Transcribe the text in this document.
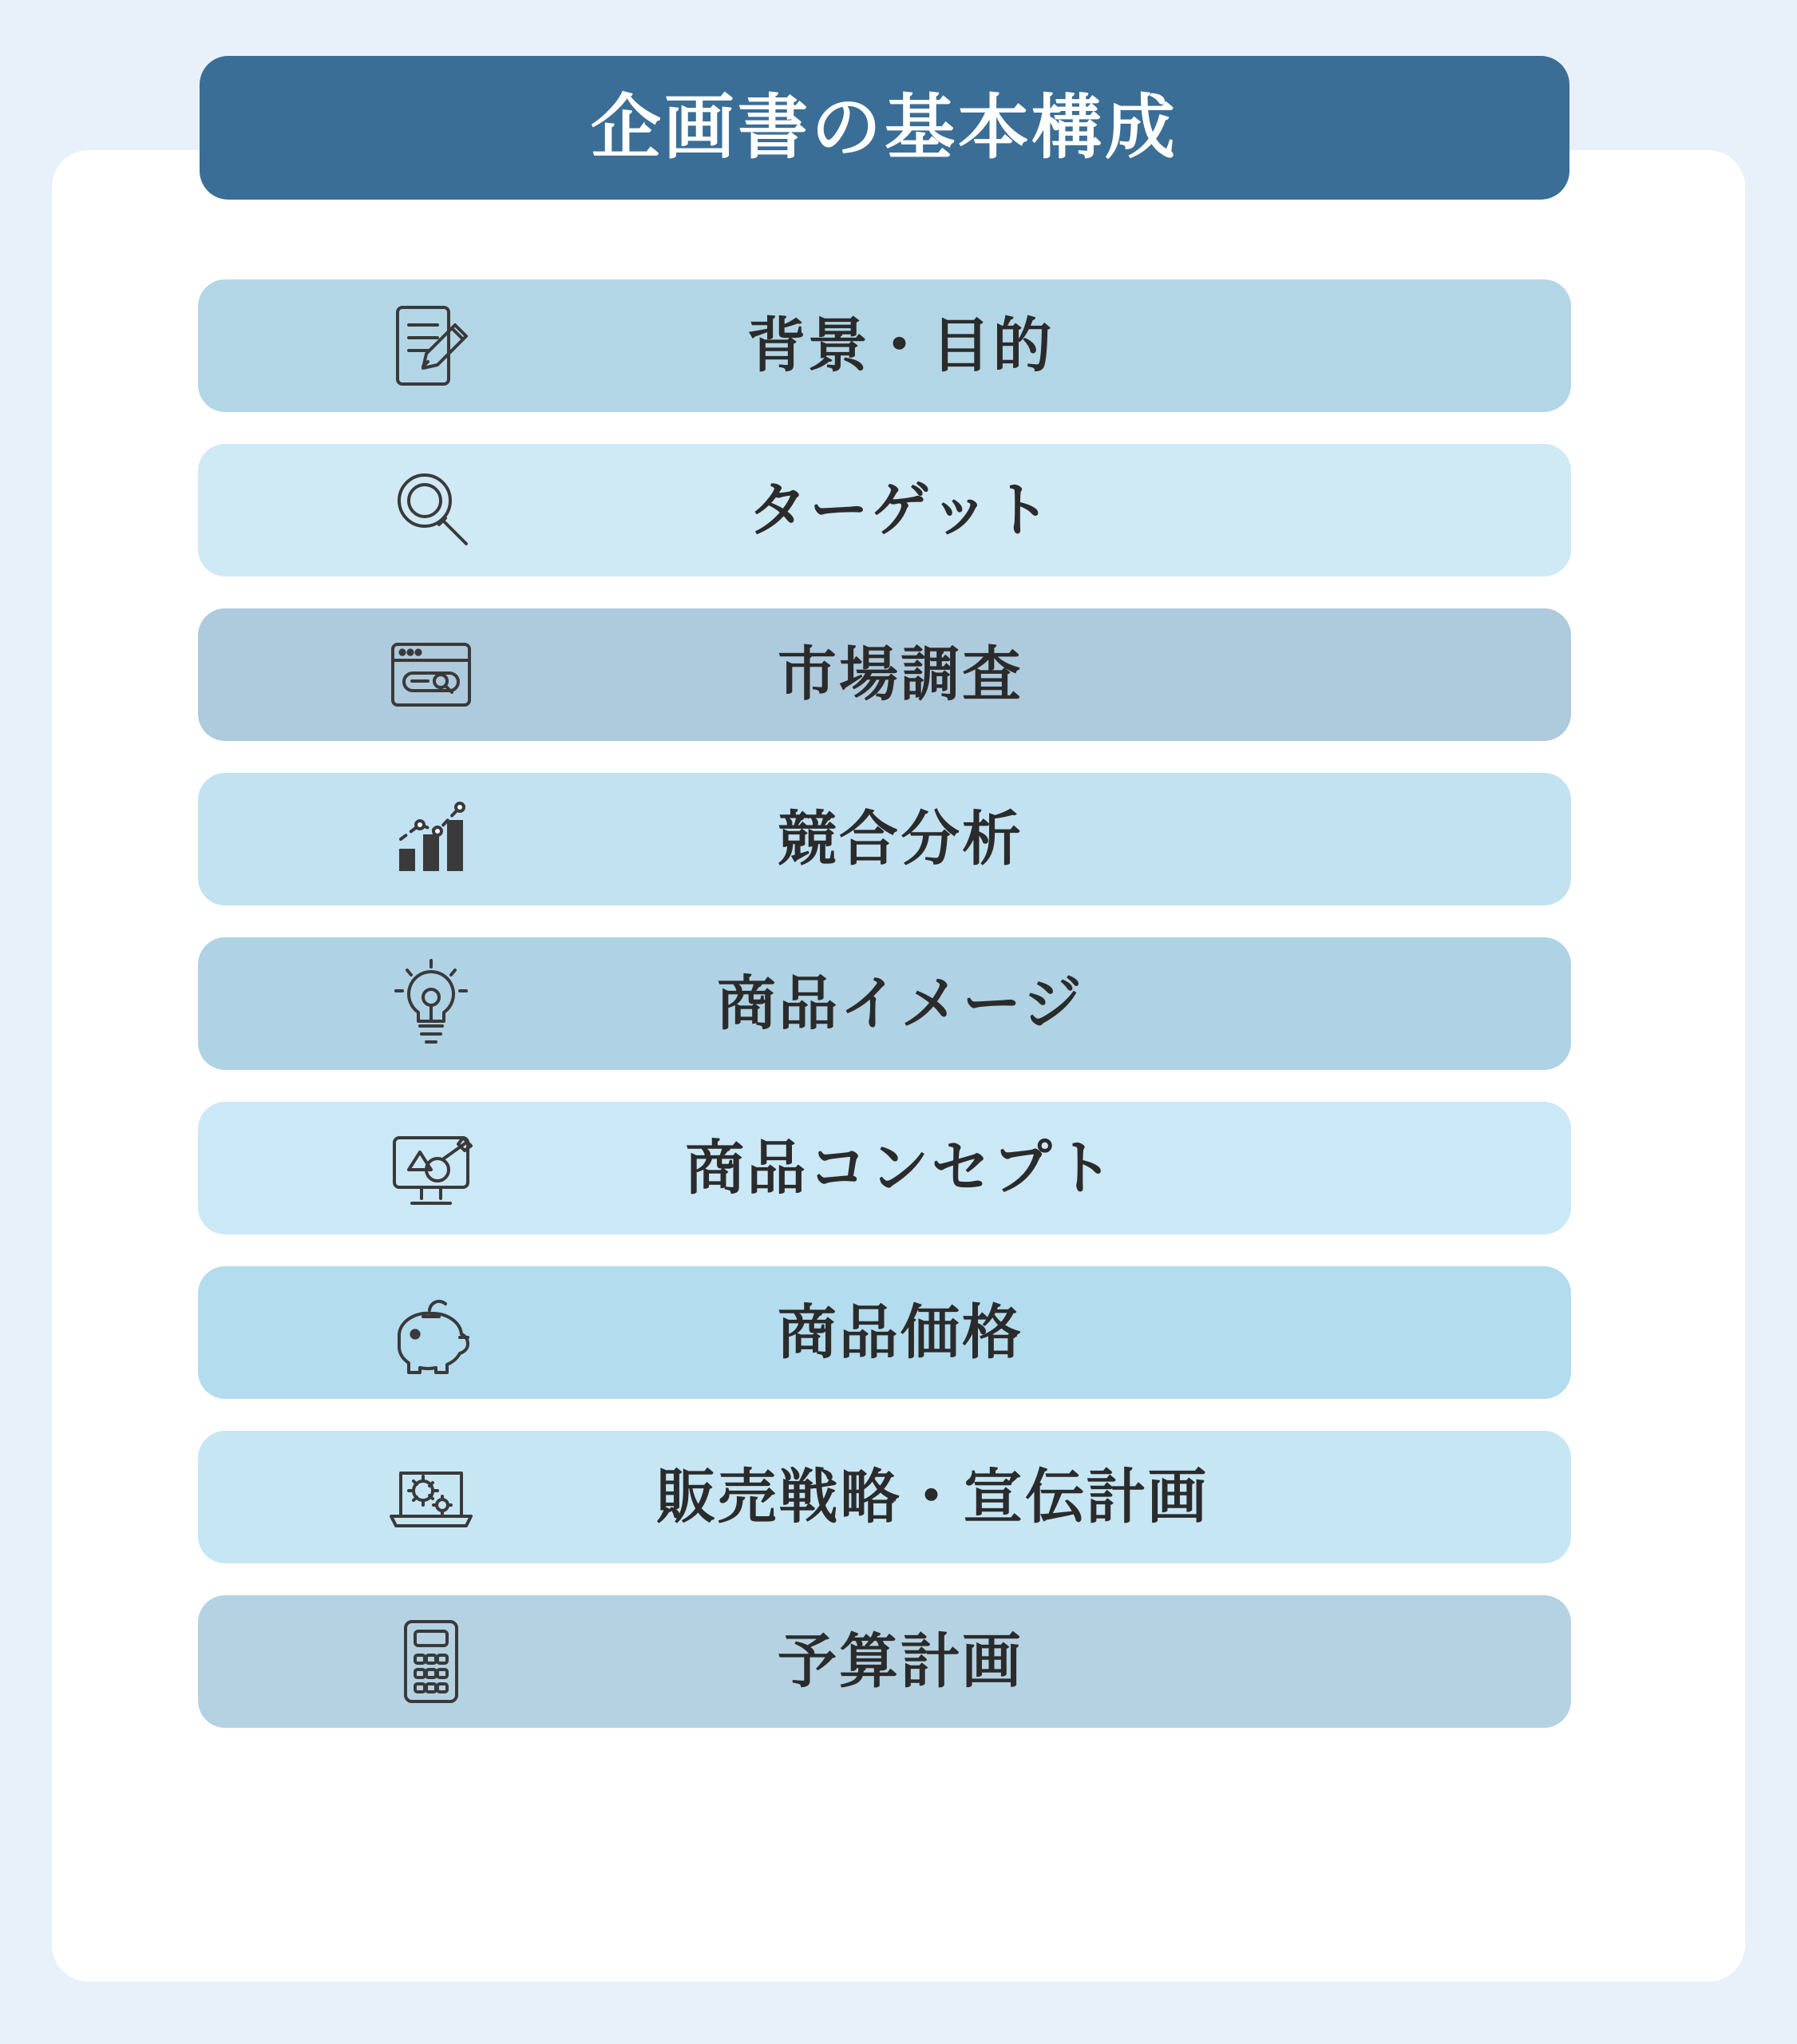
企画書の基本構成
背景・目的
ターゲット
市場調査
競合分析
商品イメージ
商品コンセプト
商品価格
販売戦略・宣伝計画
予算計画
